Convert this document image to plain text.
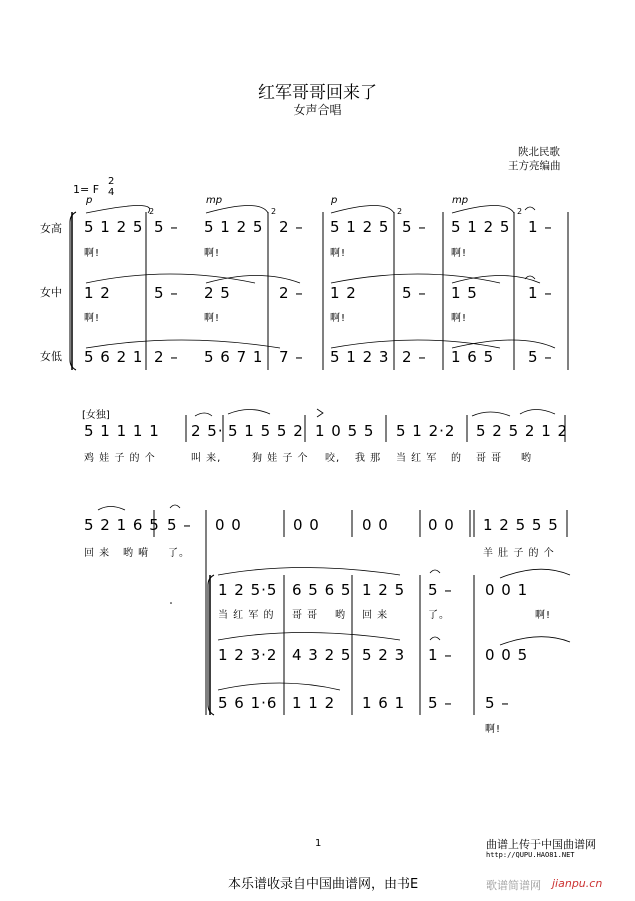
红军哥哥回来了
女声合唱
陕北民歌
王方亮编曲
1= F
2
4
p	mp	p	mp
女高
女中
女低
5 1 2 5 5 – 5 1 2 5 2 – 5 1 2 5 5 – 5 1 2 5 1 –
2	2	2	2
啊!	啊!	啊!	啊!
1 2	5 – 2 5	2 – 1 2	5 – 1 5	1 –
啊!	啊!	啊!	啊!
5 6 2 1 2 – 5 6 7 1 7 – 5 1 2 3 2 – 1 6 5 5 –
[女独]
5 1 1 1 1 2 5· 5 1 5 5 2 1 0 5 5 5 1 2·2 5 2 5 2 1 2
鸡 娃 子 的 个	叫 来,	狗 娃 子 个 咬, 我 那 当 红 军 的 哥 哥 哟
5 2 1 6 5 5 – 0 0	0 0	0 0	0 0 1 2 5 5 5
回 来 哟 嗬 了。	羊 肚 子 的 个
1 2 5·5 6 5 6 5 1 2 5 5 – 0 0 1
当 红 军 的 哥 哥 哟 回 来	了。	啊!
1 2 3·2 4 3 2 5 5 2 3 1 – 0 0 5
5 6 1·6 1 1 2 1 6 1 5 – 5 –
啊!
1
本乐谱收录自中国曲谱网，由书E
曲谱上传于中国曲谱网
http://QUPU.HAO81.NET
歌谱简谱网 jianpu.cn
